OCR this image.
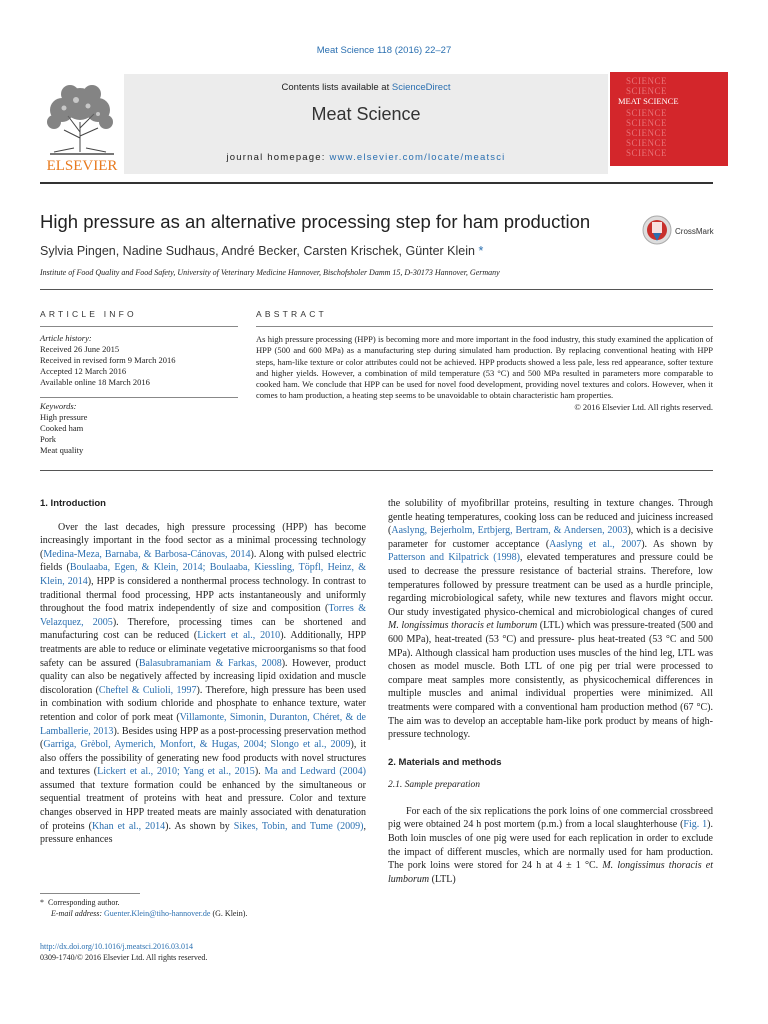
Meat Science 118 (2016) 22–27
Contents lists available at ScienceDirect
Meat Science
journal homepage: www.elsevier.com/locate/meatsci
ELSEVIER
SCIENCE
SCIENCE
MEAT SCIENCE
SCIENCE
SCIENCE
SCIENCE
SCIENCE
SCIENCE
High pressure as an alternative processing step for ham production	CrossMark
Sylvia Pingen, Nadine Sudhaus, André Becker, Carsten Krischek, Günter Klein *
Institute of Food Quality and Food Safety, University of Veterinary Medicine Hannover, Bischofsholer Damm 15, D-30173 Hannover, Germany
ARTICLE INFO	ABSTRACT
Article history:
Received 26 June 2015
Received in revised form 9 March 2016
Accepted 12 March 2016
Available online 18 March 2016
Keywords:
High pressure
Cooked ham
Pork
Meat quality
As high pressure processing (HPP) is becoming more and more important in the food industry, this study examined the application of HPP (500 and 600 MPa) as a manufacturing step during simulated ham production. By replacing conventional heating with HPP steps, ham-like texture or color attributes could not be achieved. HPP products showed a less pale, less red appearance, softer texture and higher yields. However, a combination of mild temperature (53 °C) and 500 MPa resulted in parameters more comparable to cooked ham. We conclude that HPP can be used for novel food development, providing novel textures and colors. However, when it comes to ham production, a heating step seems to be unavoidable to obtain characteristic ham properties.
© 2016 Elsevier Ltd. All rights reserved.
1. Introduction

Over the last decades, high pressure processing (HPP) has become increasingly important in the food sector as a minimal processing technology (Medina-Meza, Barnaba, & Barbosa-Cánovas, 2014). Along with pulsed electric fields (Boulaaba, Egen, & Klein, 2014; Boulaaba, Kiessling, Töpfl, Heinz, & Klein, 2014), HPP is considered a nonthermal process technology. In contrast to traditional thermal food processing, HPP acts instantaneously and uniformly throughout the food matrix independently of size and composition (Torres & Velazquez, 2005). Therefore, processing times can be shortened and manufacturing cost can be reduced (Lickert et al., 2010). Additionally, HPP treatments are able to reduce or eliminate vegetative microorganisms so that food safety can be assured (Balasubramaniam & Farkas, 2008). However, product quality can also be negatively affected by increasing lipid oxidation and muscle discoloration (Cheftel & Culioli, 1997). Therefore, high pressure has been used in combination with sodium chloride and phosphate to enhance texture, water retention and color of pork meat (Villamonte, Simonin, Duranton, Chéret, & de Lamballerie, 2013). Besides using HPP as a post-processing preservation method (Garriga, Grèbol, Aymerich, Monfort, & Hugas, 2004; Slongo et al., 2009), it also offers the possibility of generating new food products with novel structures and textures (Lickert et al., 2010; Yang et al., 2015). Ma and Ledward (2004) assumed that texture formation could be enhanced by the simultaneous or sequential treatment of proteins with heat and pressure. Color and texture changes observed in HPP treated meats are mainly associated with denaturation of proteins (Khan et al., 2014). As shown by Sikes, Tobin, and Tume (2009), pressure enhances

the solubility of myofibrillar proteins, resulting in texture changes. Through gentle heating temperatures, cooking loss can be reduced and juiciness increased (Aaslyng, Bejerholm, Ertbjerg, Bertram, & Andersen, 2003), which is a decisive parameter for customer acceptance (Aaslyng et al., 2007). As shown by Patterson and Kilpatrick (1998), elevated temperatures and pressure could be used to decrease the pressure resistance of bacterial strains. Therefore, low temperatures followed by pressure treatment can be used as a hurdle principle, regarding microbiological safety, while new textures and flavors might occur. Our study investigated physico-chemical and microbiological changes of cured M. longissimus thoracis et lumborum (LTL) which was pressure-treated (500 and 600 MPa), heat-treated (53 °C) and pressure- plus heat-treated (53 °C and 500 MPa). Although classical ham production uses muscles of the hind leg, LTL was chosen as model muscle. Both LTL of one pig per trial were processed to compare meat samples more consistently, as physicochemical differences in multiple muscles and animal individual properties were minimized. All treatments were compared with a conventional ham production method (67 °C). The aim was to develop an acceptable ham-like pork product by means of high-pressure technology.

2. Materials and methods
2.1. Sample preparation

For each of the six replications the pork loins of one commercial crossbreed pig were obtained 24 h post mortem (p.m.) from a local slaughterhouse (Fig. 1). Both loin muscles of one pig were used for each replication in order to exclude the impact of different muscles, which are normally used for ham production. The pork loins were stored for 24 h at 4 ± 1 °C. M. longissimus thoracis et lumborum (LTL)

* Corresponding author.
E-mail address: Guenter.Klein@tiho-hannover.de (G. Klein).
http://dx.doi.org/10.1016/j.meatsci.2016.03.014
0309-1740/© 2016 Elsevier Ltd. All rights reserved.
